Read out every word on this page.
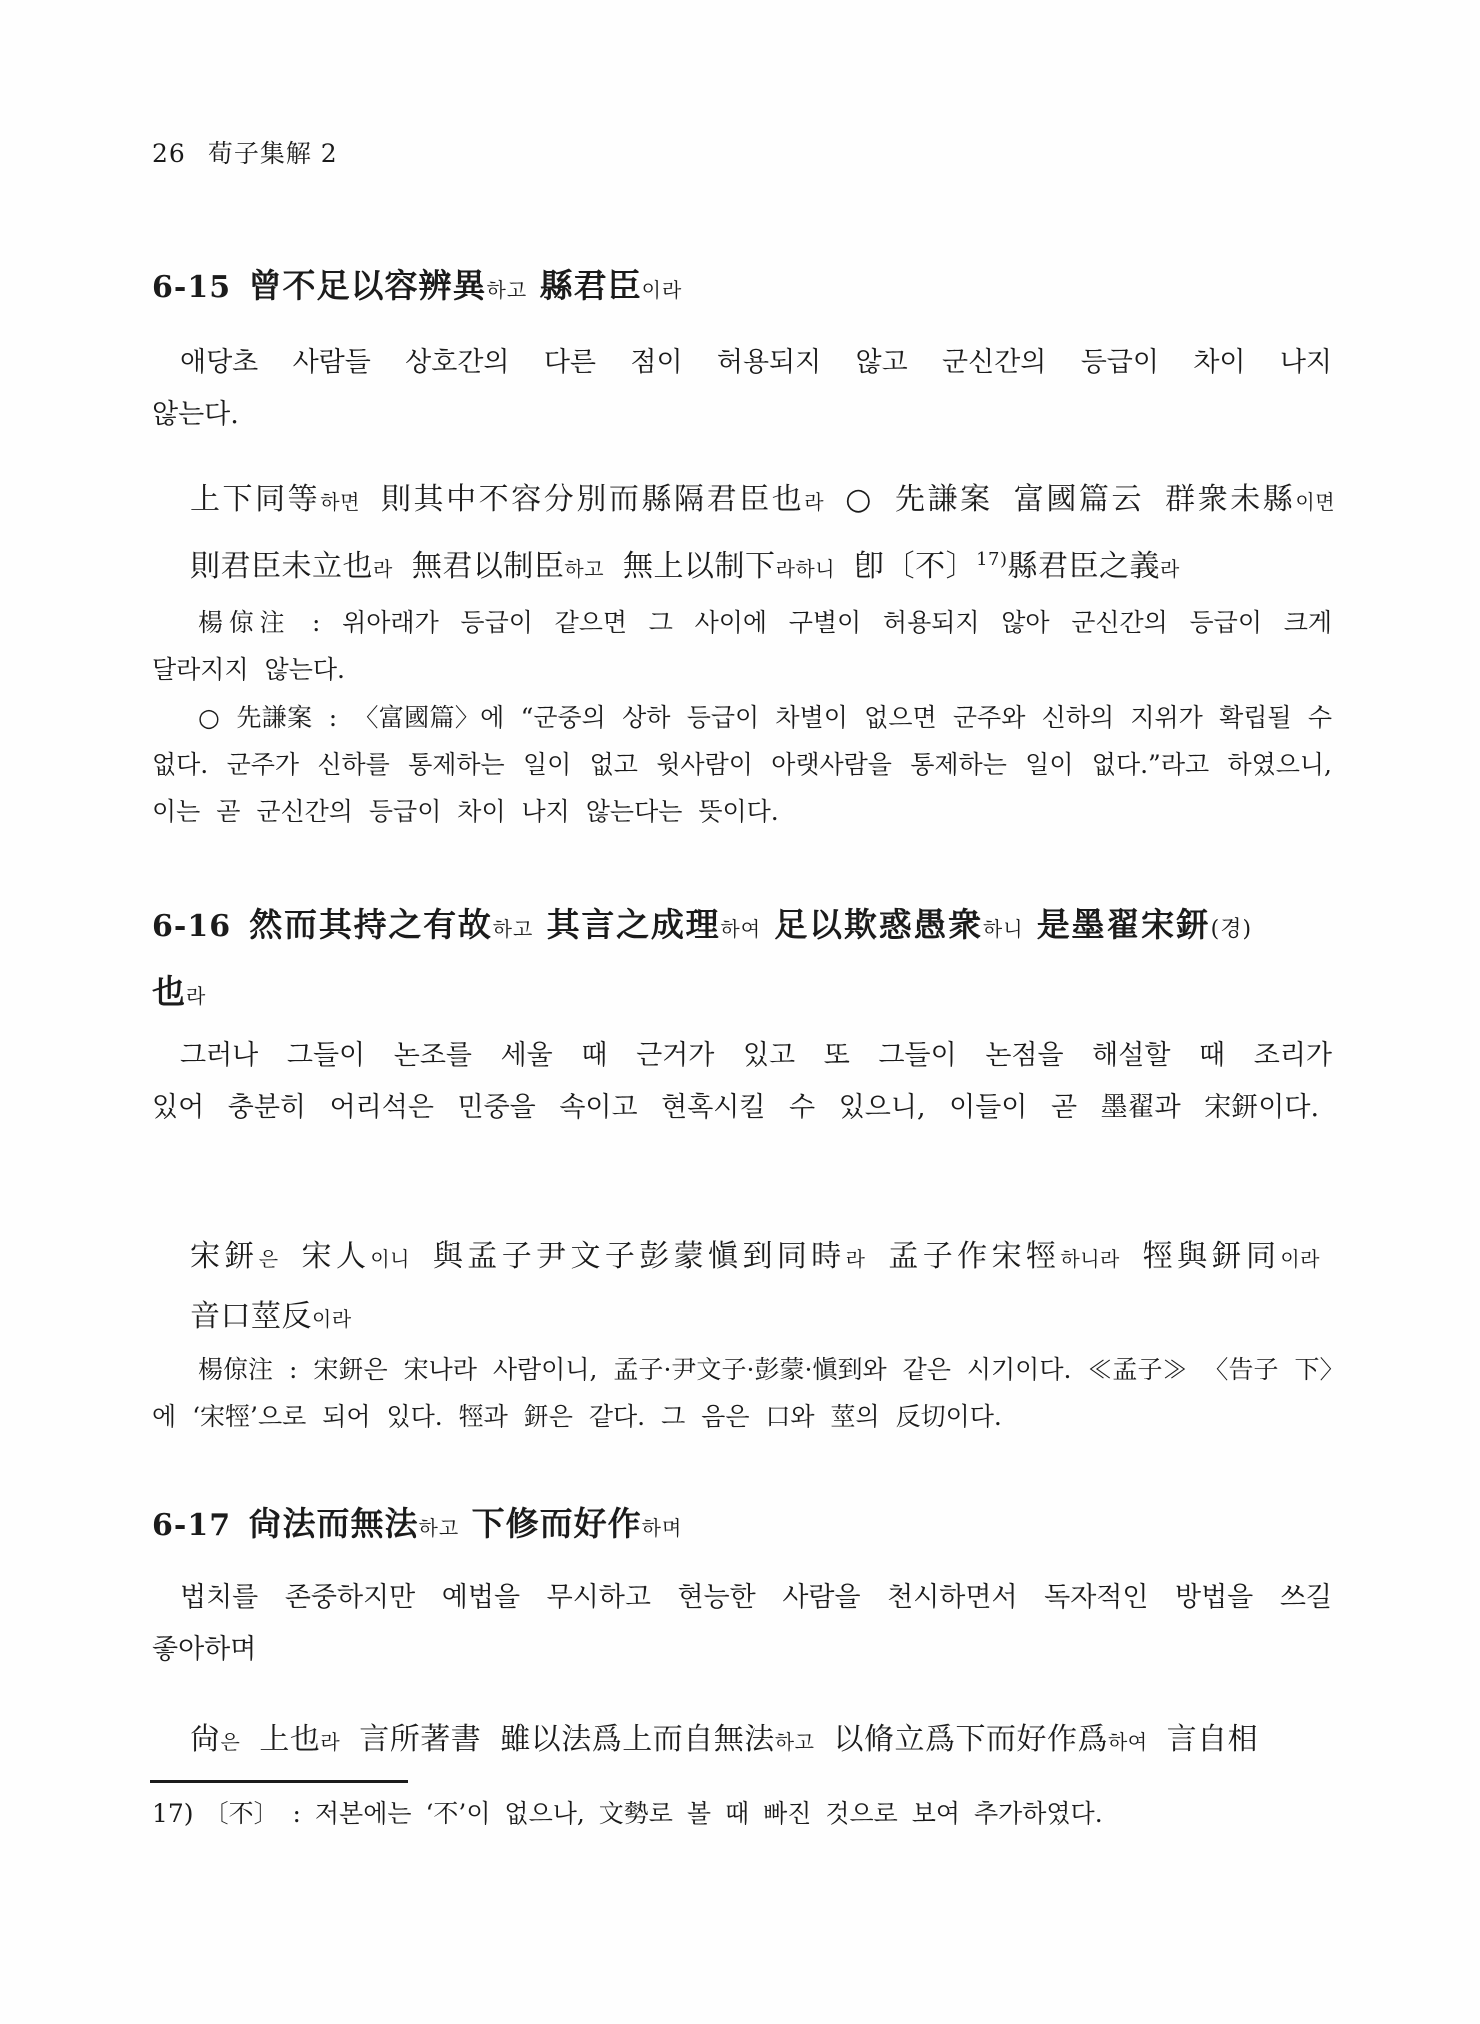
26 荀子集解 2
6-15 曾不足以容辨異하고 縣君臣이라
애당초 사람들 상호간의 다른 점이 허용되지 않고 군신간의 등급이 차이 나지 않는다.
上下同等하면 則其中不容分別而縣隔君臣也라 ○ 先謙案 富國篇云 群衆未縣이면 則君臣未立也라 無君以制臣하고 無上以制下라하니 卽〔不〕$^{17)}$縣君臣之義라
楊倞注 : 위아래가 등급이 같으면 그 사이에 구별이 허용되지 않아 군신간의 등급이 크게 달라지지 않는다.
○ 先謙案 : 〈富國篇〉에 “군중의 상하 등급이 차별이 없으면 군주와 신하의 지위가 확립될 수 없다. 군주가 신하를 통제하는 일이 없고 윗사람이 아랫사람을 통제하는 일이 없다.”라고 하였으니, 이는 곧 군신간의 등급이 차이 나지 않는다는 뜻이다.
6-16 然而其持之有故하고 其言之成理하여 足以欺惑愚衆하니 是墨翟宋鈃(경)也라
그러나 그들이 논조를 세울 때 근거가 있고 또 그들이 논점을 해설할 때 조리가 있어 충분히 어리석은 민중을 속이고 현혹시킬 수 있으니, 이들이 곧 墨翟과 宋鈃이다.
宋鈃은 宋人이니 與孟子尹文子彭蒙愼到同時라 孟子作宋牼하니라 牼與鈃同이라 音口莖反이라
楊倞注 : 宋鈃은 宋나라 사람이니, 孟子·尹文子·彭蒙·愼到와 같은 시기이다. ≪孟子≫ 〈告子 下〉에 ‘宋牼’으로 되어 있다. 牼과 鈃은 같다. 그 음은 口와 莖의 反切이다.
6-17 尙法而無法하고 下修而好作하며
법치를 존중하지만 예법을 무시하고 현능한 사람을 천시하면서 독자적인 방법을 쓰길 좋아하며
尙은 上也라 言所著書 雖以法爲上而自無法하고 以脩立爲下而好作爲하여 言自相
17) 〔不〕 : 저본에는 ‘不’이 없으나, 文勢로 볼 때 빠진 것으로 보여 추가하였다.
